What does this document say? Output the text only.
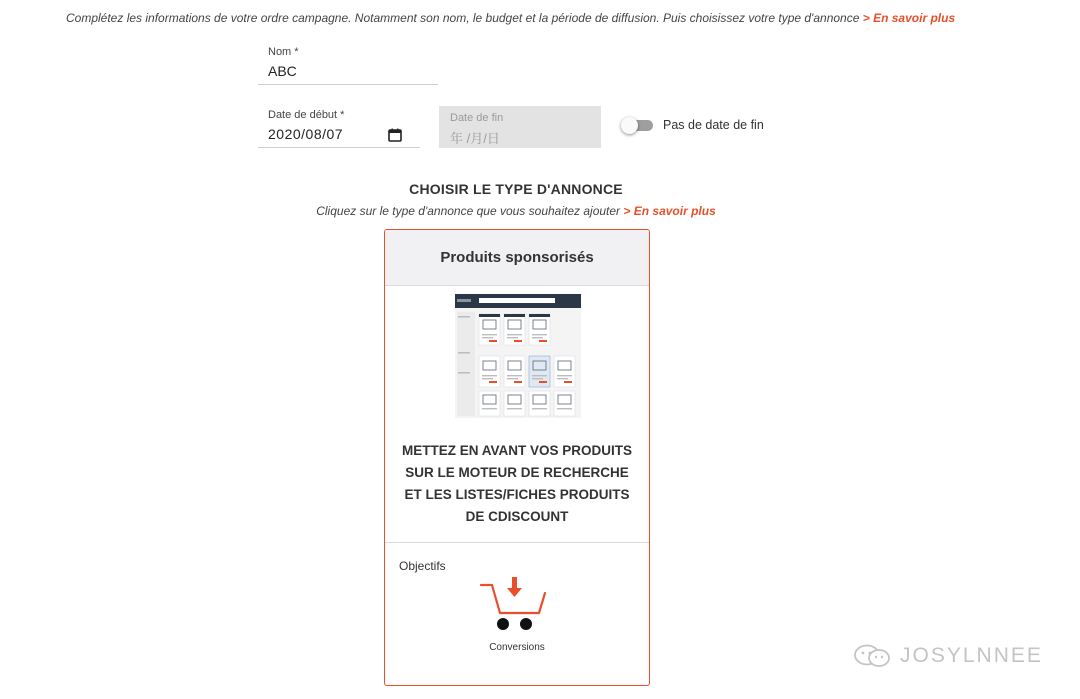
Complétez les informations de votre ordre campagne. Notamment son nom, le budget et la période de diffusion. Puis choisissez votre type d'annonce > En savoir plus
Nom *
ABC
Date de début *
2020/08/07
Date de fin
年 /月/日
Pas de date de fin
CHOISIR LE TYPE D'ANNONCE
Cliquez sur le type d'annonce que vous souhaitez ajouter > En savoir plus
Produits sponsorisés
METTEZ EN AVANT VOS PRODUITS SUR LE MOTEUR DE RECHERCHE ET LES LISTES/FICHES PRODUITS DE CDISCOUNT
Objectifs
Conversions	JOSYLNNEE
